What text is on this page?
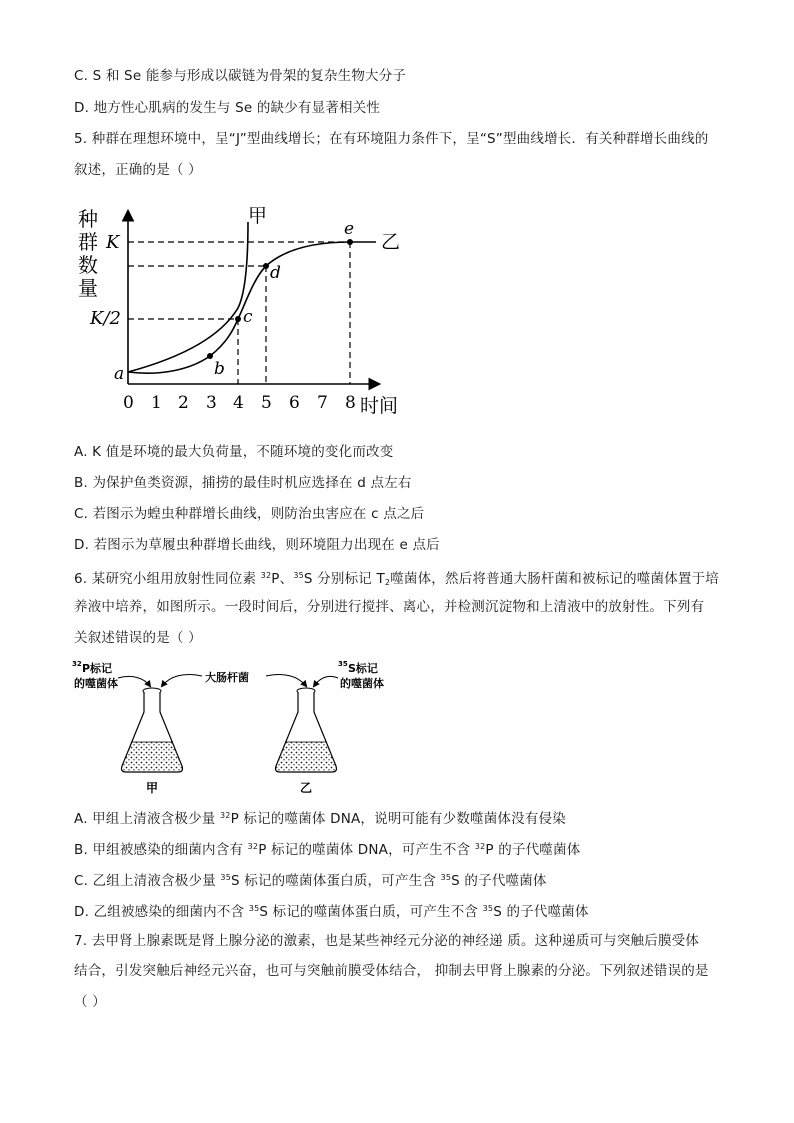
C. S 和 Se 能参与形成以碳链为骨架的复杂生物大分子
D. 地方性心肌病的发生与 Se 的缺少有显著相关性
5. 种群在理想环境中，呈“J”型曲线增长；在有环境阻力条件下，呈“S”型曲线增长．有关种群增长曲线的
叙述，正确的是（ ）
种
群
数
量
K
K/2
甲
乙
a	b
c
d
e
0 1 2 3 4 5 6 7 8 时间
A. K 值是环境的最大负荷量，不随环境的变化而改变
B. 为保护鱼类资源，捕捞的最佳时机应选择在 d 点左右
C. 若图示为蝗虫种群增长曲线，则防治虫害应在 c 点之后
D. 若图示为草履虫种群增长曲线，则环境阻力出现在 e 点后
6. 某研究小组用放射性同位素 $^{32}$P、$^{35}$S 分别标记 $T_2$噬菌体，然后将普通大肠杆菌和被标记的噬菌体置于培
养液中培养，如图所示。一段时间后，分别进行搅拌、离心，并检测沉淀物和上清液中的放射性。下列有
关叙述错误的是（ ）
32 P标记
的噬菌体	大肠杆菌
35 S标记
的噬菌体
甲	乙
A. 甲组上清液含极少量 $^{32}$P 标记的噬菌体 DNA，说明可能有少数噬菌体没有侵染
B. 甲组被感染的细菌内含有 $^{32}$P 标记的噬菌体 DNA，可产生不含 $^{32}$P 的子代噬菌体
C. 乙组上清液含极少量 $^{35}$S 标记的噬菌体蛋白质，可产生含 $^{35}$S 的子代噬菌体
D. 乙组被感染的细菌内不含 $^{35}$S 标记的噬菌体蛋白质，可产生不含 $^{35}$S 的子代噬菌体
7. 去甲肾上腺素既是肾上腺分泌的激素，也是某些神经元分泌的神经递 质。这种递质可与突触后膜受体
结合，引发突触后神经元兴奋，也可与突触前膜受体结合， 抑制去甲肾上腺素的分泌。下列叙述错误的是
（ ）
